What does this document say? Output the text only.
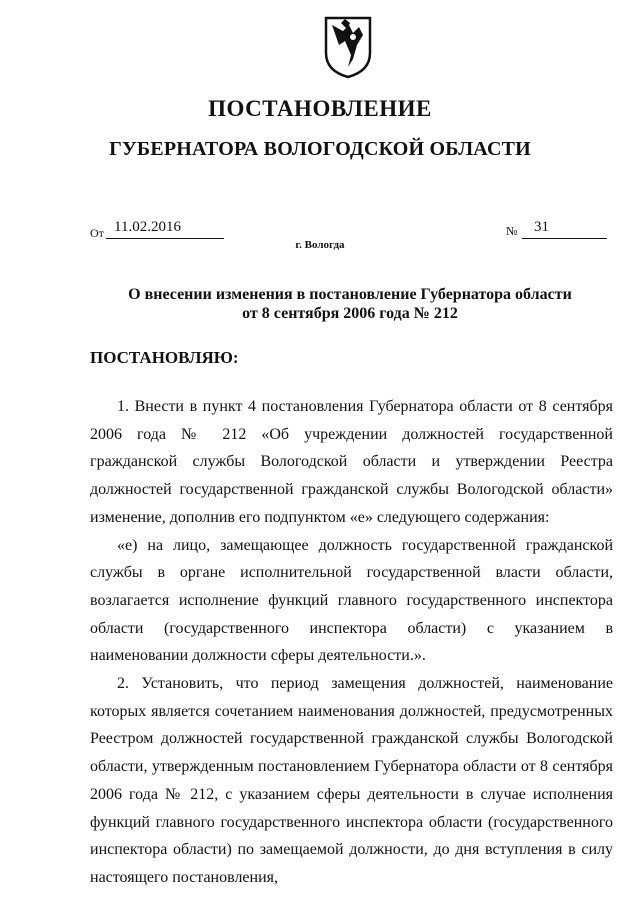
ПОСТАНОВЛЕНИЕ
ГУБЕРНАТОРА ВОЛОГОДСКОЙ ОБЛАСТИ
От 11.02.2016	№ 31
г. Вологда
О внесении изменения в постановление Губернатора области
от 8 сентября 2006 года № 212
ПОСТАНОВЛЯЮ:

1. Внести в пункт 4 постановления Губернатора области от 8 сентября 2006 года № 212 «Об учреждении должностей государственной гражданской службы Вологодской области и утверждении Реестра должностей государственной гражданской службы Вологодской области» изменение, дополнив его подпунктом «е» следующего содержания:

«е) на лицо, замещающее должность государственной гражданской службы в органе исполнительной государственной власти области, возлагается исполнение функций главного государственного инспектора области (государственного инспектора области) с указанием в наименовании должности сферы деятельности.».

2. Установить, что период замещения должностей, наименование которых является сочетанием наименования должностей, предусмотренных Реестром должностей государственной гражданской службы Вологодской области, утвержденным постановлением Губернатора области от 8 сентября 2006 года № 212, с указанием сферы деятельности в случае исполнения функций главного государственного инспектора области (государственного инспектора области) по замещаемой должности, до дня вступления в силу настоящего постановления,
